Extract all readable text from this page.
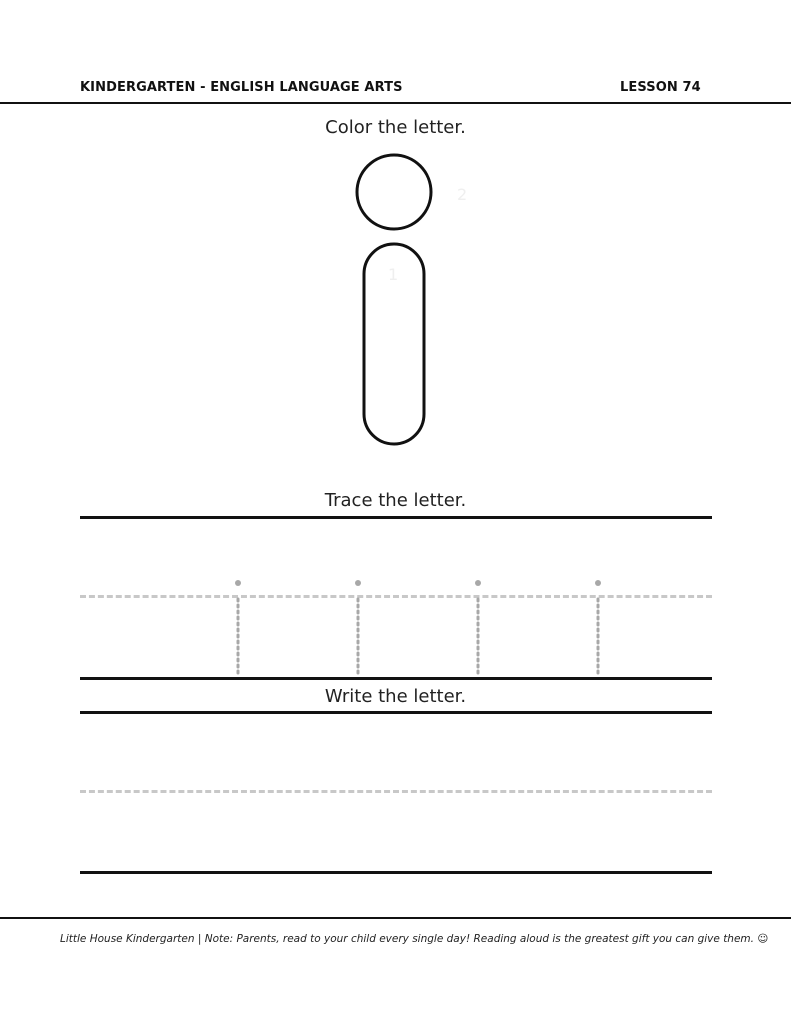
KINDERGARTEN - ENGLISH LANGUAGE ARTS	LESSON 74
Color the letter.
2
1
Trace the letter.
Write the letter.
Little House Kindergarten | Note: Parents, read to your child every single day! Reading aloud is the greatest gift you can give them. ☺
